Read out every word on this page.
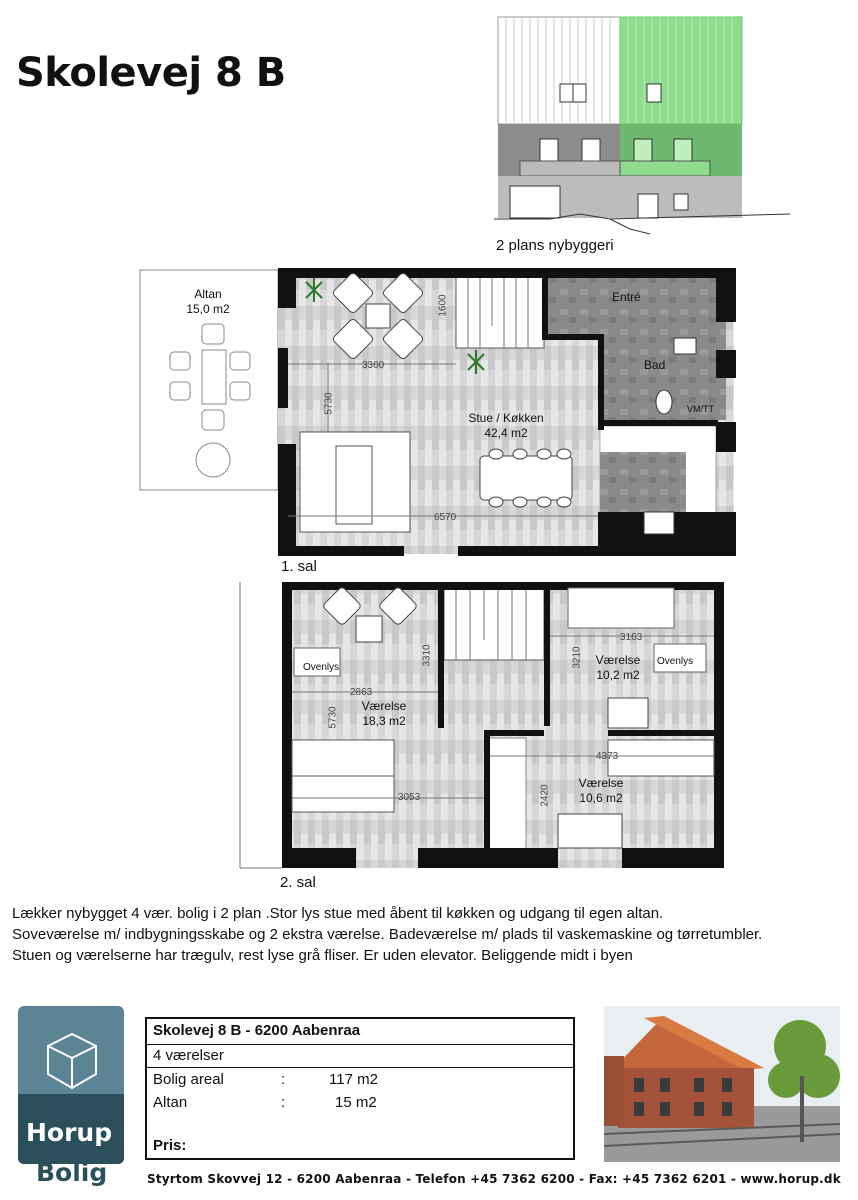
Skolevej 8 B
2 plans nybyggeri
Altan
15,0 m2
Entré
Bad
VM/TT
Stue / Køkken
42,4 m2
3360
1600
5730
6570
1. sal
Ovenlys
Ovenlys
Værelse
18,3 m2
Værelse
10,2 m2
Værelse
10,6 m2
2863
3310
5730
3053
3163
3210
4373
2420
2. sal
Lækker nybygget 4 vær. bolig i 2 plan .Stor lys stue med åbent til køkken og udgang til egen altan.
Soveværelse m/ indbygningsskabe og 2 ekstra værelse. Badeværelse m/ plads til vaskemaskine og tørretumbler.
Stuen og værelserne har trægulv, rest lyse grå fliser. Er uden elevator. Beliggende midt i byen
Horup
Bolig
Skolevej 8 B - 6200 Aabenraa
4 værelser
Bolig areal	:	117 m2
Altan	:	15 m2
Pris:
Styrtom Skovvej 12 - 6200 Aabenraa - Telefon +45 7362 6200 - Fax: +45 7362 6201 - www.horup.dk
